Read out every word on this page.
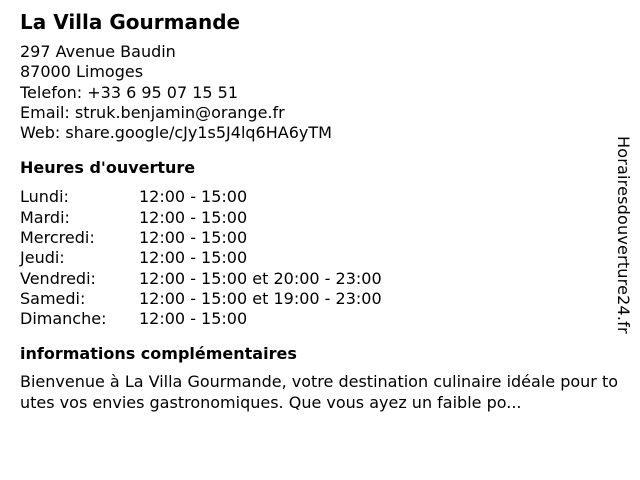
La Villa Gourmande
297 Avenue Baudin
87000 Limoges
Telefon: +33 6 95 07 15 51
Email: struk.benjamin@orange.fr
Web: share.google/cJy1s5J4lq6HA6yTM
Heures d'ouverture
Lundi:	12:00 - 15:00
Mardi:	12:00 - 15:00
Mercredi:	12:00 - 15:00
Jeudi:	12:00 - 15:00
Vendredi:	12:00 - 15:00 et 20:00 - 23:00
Samedi:	12:00 - 15:00 et 19:00 - 23:00
Dimanche:	12:00 - 15:00
informations complémentaires
Bienvenue à La Villa Gourmande, votre destination culinaire idéale pour toutes vos envies gastronomiques. Que vous ayez un faible po...
Horairesdouverture24.fr
